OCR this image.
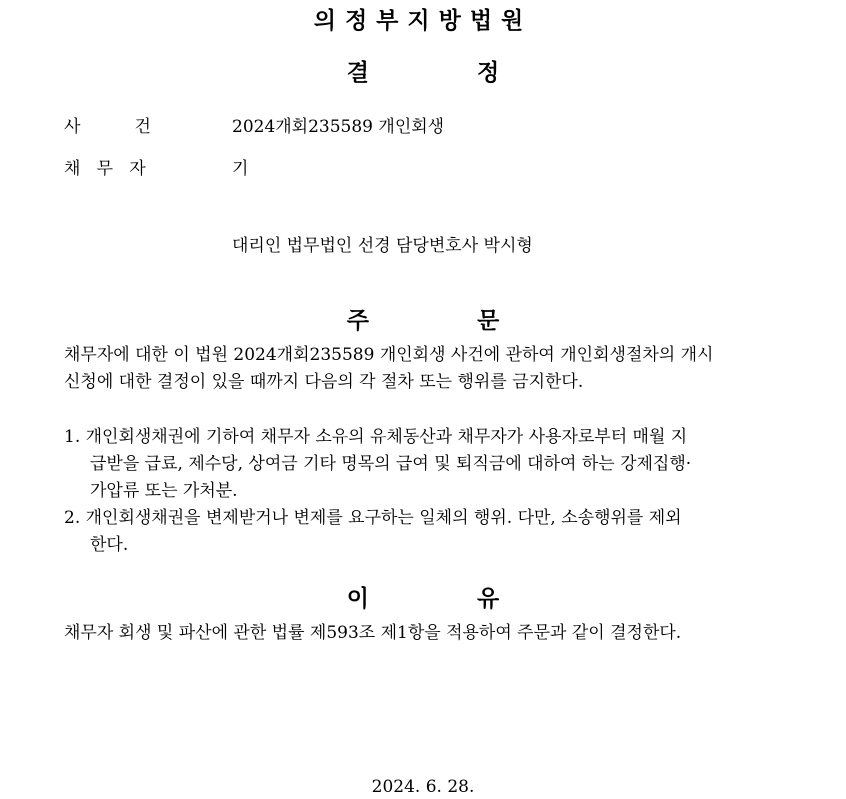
의정부지방법원
결	정
사          건	2024개회235589 개인회생
채   무   자	기
대리인 법무법인 선경 담당변호사 박시형
주	문
채무자에 대한 이 법원 2024개회235589 개인회생 사건에 관하여 개인회생절차의 개시
신청에 대한 결정이 있을 때까지 다음의 각 절차 또는 행위를 금지한다.
1. 개인회생채권에 기하여 채무자 소유의 유체동산과 채무자가 사용자로부터 매월 지
급받을 급료, 제수당, 상여금 기타 명목의 급여 및 퇴직금에 대하여 하는 강제집행·
가압류 또는 가처분.
2. 개인회생채권을 변제받거나 변제를 요구하는 일체의 행위. 다만, 소송행위를 제외
한다.
이	유
채무자 회생 및 파산에 관한 법률 제593조 제1항을 적용하여 주문과 같이 결정한다.
2024. 6. 28.
